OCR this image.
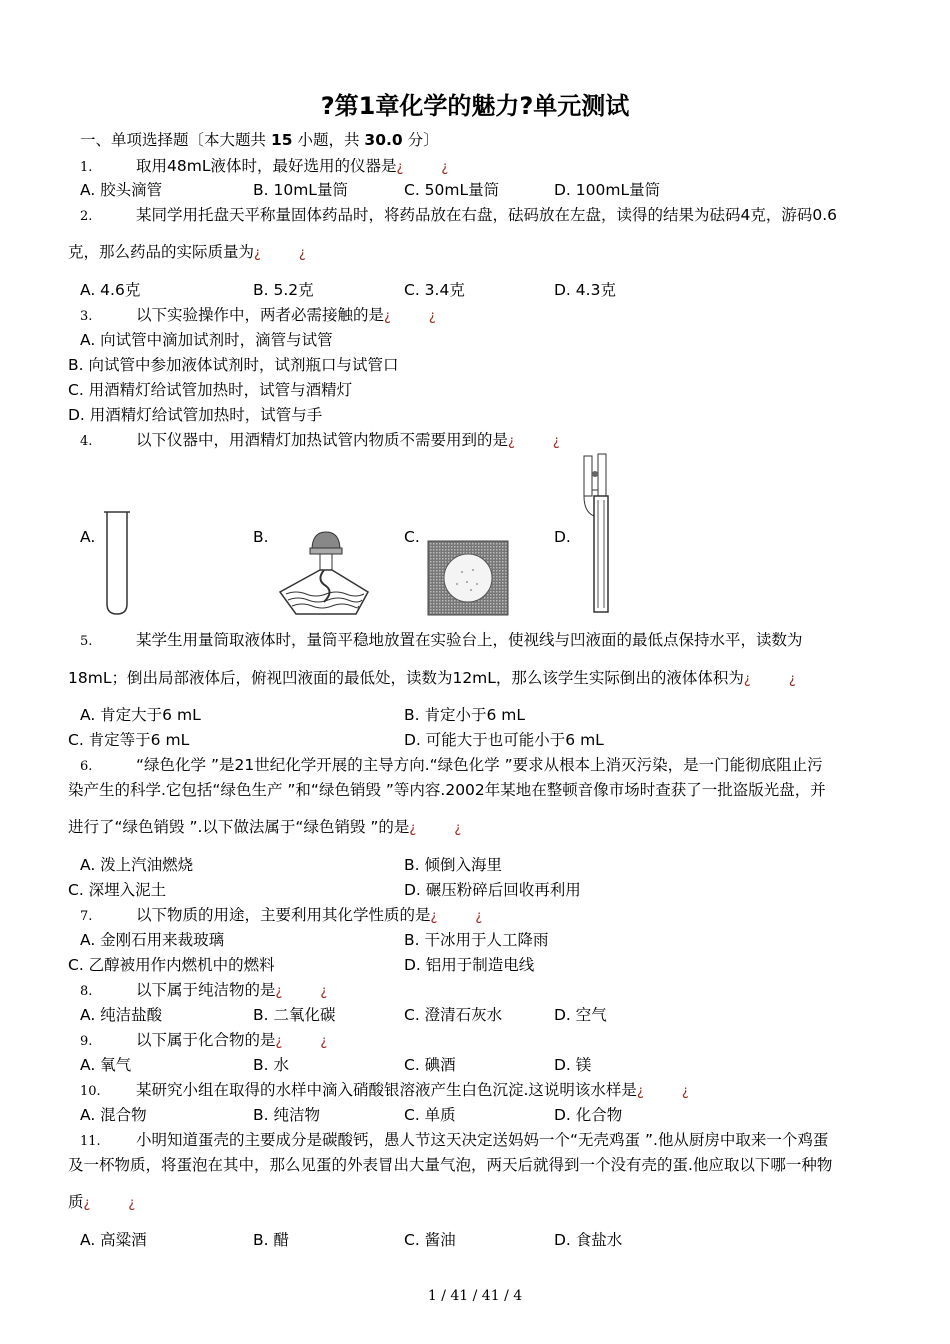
?第1章化学的魅力?单元测试
一、单项选择题〔本大题共 15 小题，共 30.0 分〕
1.	取用48mL液体时，最好选用的仪器是¿	¿
A. 胶头滴管	B. 10mL量筒	C. 50mL量筒	D. 100mL量筒
2.	某同学用托盘天平称量固体药品时，将药品放在右盘，砝码放在左盘，读得的结果为砝码4克，游码0.6
克，那么药品的实际质量为¿	¿
A. 4.6克	B. 5.2克	C. 3.4克	D. 4.3克
3.	以下实验操作中，两者必需接触的是¿	¿
A. 向试管中滴加试剂时，滴管与试管
B. 向试管中参加液体试剂时，试剂瓶口与试管口
C. 用酒精灯给试管加热时，试管与酒精灯
D. 用酒精灯给试管加热时，试管与手
4.	以下仪器中，用酒精灯加热试管内物质不需要用到的是¿	¿
A.	B.	C.	D.
5.	某学生用量筒取液体时，量筒平稳地放置在实验台上，使视线与凹液面的最低点保持水平，读数为
18mL；倒出局部液体后，俯视凹液面的最低处，读数为12mL，那么该学生实际倒出的液体体积为¿	¿
A. 肯定大于6 mL	B. 肯定小于6 mL
C. 肯定等于6 mL	D. 可能大于也可能小于6 mL
6.	“绿色化学 ”是21世纪化学开展的主导方向.“绿色化学 ”要求从根本上消灭污染，是一门能彻底阻止污
染产生的科学.它包括“绿色生产 ”和“绿色销毁 ”等内容.2002年某地在整顿音像市场时查获了一批盗版光盘，并
进行了“绿色销毁 ”.以下做法属于“绿色销毁 ”的是¿	¿
A. 泼上汽油燃烧	B. 倾倒入海里
C. 深埋入泥土	D. 碾压粉碎后回收再利用
7.	以下物质的用途，主要利用其化学性质的是¿	¿
A. 金刚石用来裁玻璃	B. 干冰用于人工降雨
C. 乙醇被用作内燃机中的燃料	D. 铝用于制造电线
8.	以下属于纯洁物的是¿	¿
A. 纯洁盐酸	B. 二氧化碳	C. 澄清石灰水	D. 空气
9.	以下属于化合物的是¿	¿
A. 氧气	B. 水	C. 碘酒	D. 镁
10. 某研究小组在取得的水样中滴入硝酸银溶液产生白色沉淀.这说明该水样是¿	¿
A. 混合物	B. 纯洁物	C. 单质	D. 化合物
11. 小明知道蛋壳的主要成分是碳酸钙，愚人节这天决定送妈妈一个“无壳鸡蛋 ”.他从厨房中取来一个鸡蛋
及一杯物质，将蛋泡在其中，那么见蛋的外表冒出大量气泡，两天后就得到一个没有壳的蛋.他应取以下哪一种物
质¿	¿
A. 高粱酒	B. 醋	C. 酱油	D. 食盐水
1 / 41 / 41 / 4
